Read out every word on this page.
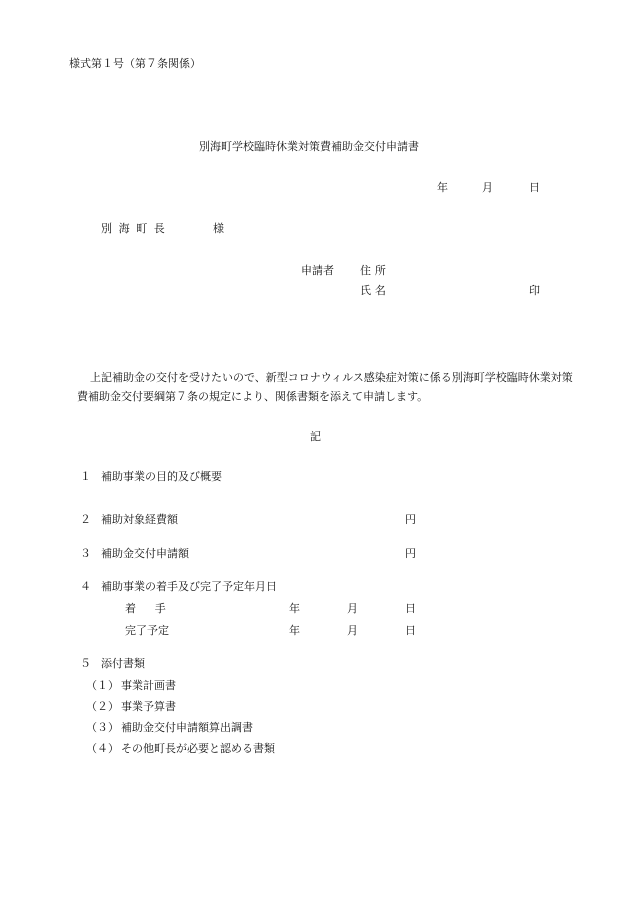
様式第１号（第７条関係）
別海町学校臨時休業対策費補助金交付申請書
年	月	日
別海町長	様
申請者 住所
氏名	印
上記補助金の交付を受けたいので、新型コロナウィルス感染症対策に係る別海町学校臨時休業対策費補助金交付要綱第７条の規定により、関係書類を添えて申請します。
記
１ 補助事業の目的及び概要
２ 補助対象経費額	円
３ 補助金交付申請額	円
４ 補助事業の着手及び完了予定年月日
着手	年	月	日
完了予定	年	月	日
５ 添付書類
（１） 事業計画書
（２） 事業予算書
（３） 補助金交付申請額算出調書
（４） その他町長が必要と認める書類
